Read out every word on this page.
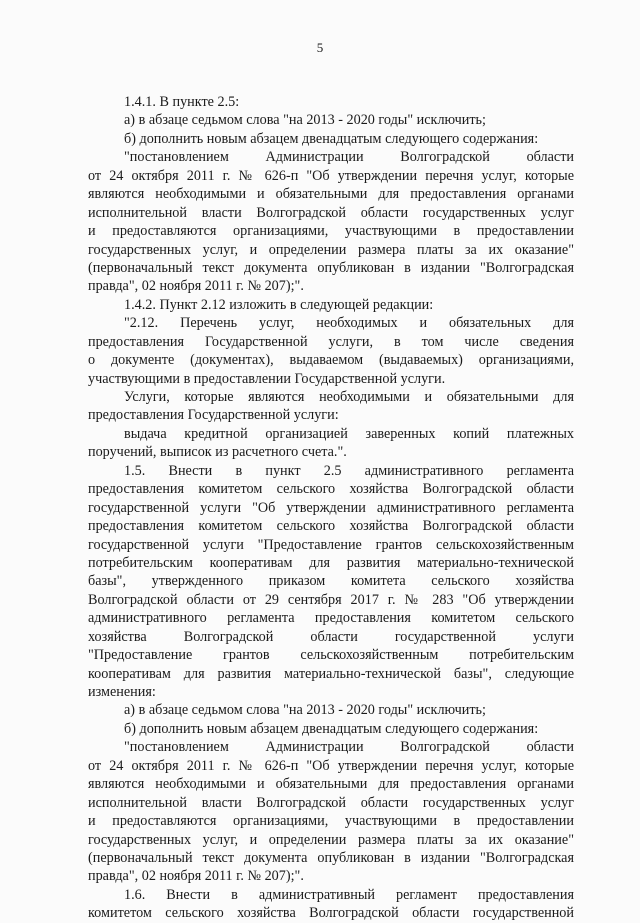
5
1.4.1. В пункте 2.5:
а) в абзаце седьмом слова "на 2013 - 2020 годы" исключить;
б) дополнить новым абзацем двенадцатым следующего содержания:
"постановлением Администрации Волгоградской области
от 24 октября 2011 г. № 626-п "Об утверждении перечня услуг, которые
являются необходимыми и обязательными для предоставления органами
исполнительной власти Волгоградской области государственных услуг
и предоставляются организациями, участвующими в предоставлении
государственных услуг, и определении размера платы за их оказание"
(первоначальный текст документа опубликован в издании "Волгоградская
правда", 02 ноября 2011 г. № 207);".
1.4.2. Пункт 2.12 изложить в следующей редакции:
"2.12. Перечень услуг, необходимых и обязательных для
предоставления Государственной услуги, в том числе сведения
о документе (документах), выдаваемом (выдаваемых) организациями,
участвующими в предоставлении Государственной услуги.
Услуги, которые являются необходимыми и обязательными для
предоставления Государственной услуги:
выдача кредитной организацией заверенных копий платежных
поручений, выписок из расчетного счета.".
1.5. Внести в пункт 2.5 административного регламента
предоставления комитетом сельского хозяйства Волгоградской области
государственной услуги "Об утверждении административного регламента
предоставления комитетом сельского хозяйства Волгоградской области
государственной услуги "Предоставление грантов сельскохозяйственным
потребительским кооперативам для развития материально-технической
базы", утвержденного приказом комитета сельского хозяйства
Волгоградской области от 29 сентября 2017 г. № 283 "Об утверждении
административного регламента предоставления комитетом сельского
хозяйства Волгоградской области государственной услуги
"Предоставление грантов сельскохозяйственным потребительским
кооперативам для развития материально-технической базы", следующие
изменения:
а) в абзаце седьмом слова "на 2013 - 2020 годы" исключить;
б) дополнить новым абзацем двенадцатым следующего содержания:
"постановлением Администрации Волгоградской области
от 24 октября 2011 г. № 626-п "Об утверждении перечня услуг, которые
являются необходимыми и обязательными для предоставления органами
исполнительной власти Волгоградской области государственных услуг
и предоставляются организациями, участвующими в предоставлении
государственных услуг, и определении размера платы за их оказание"
(первоначальный текст документа опубликован в издании "Волгоградская
правда", 02 ноября 2011 г. № 207);".
1.6. Внести в административный регламент предоставления
комитетом сельского хозяйства Волгоградской области государственной
